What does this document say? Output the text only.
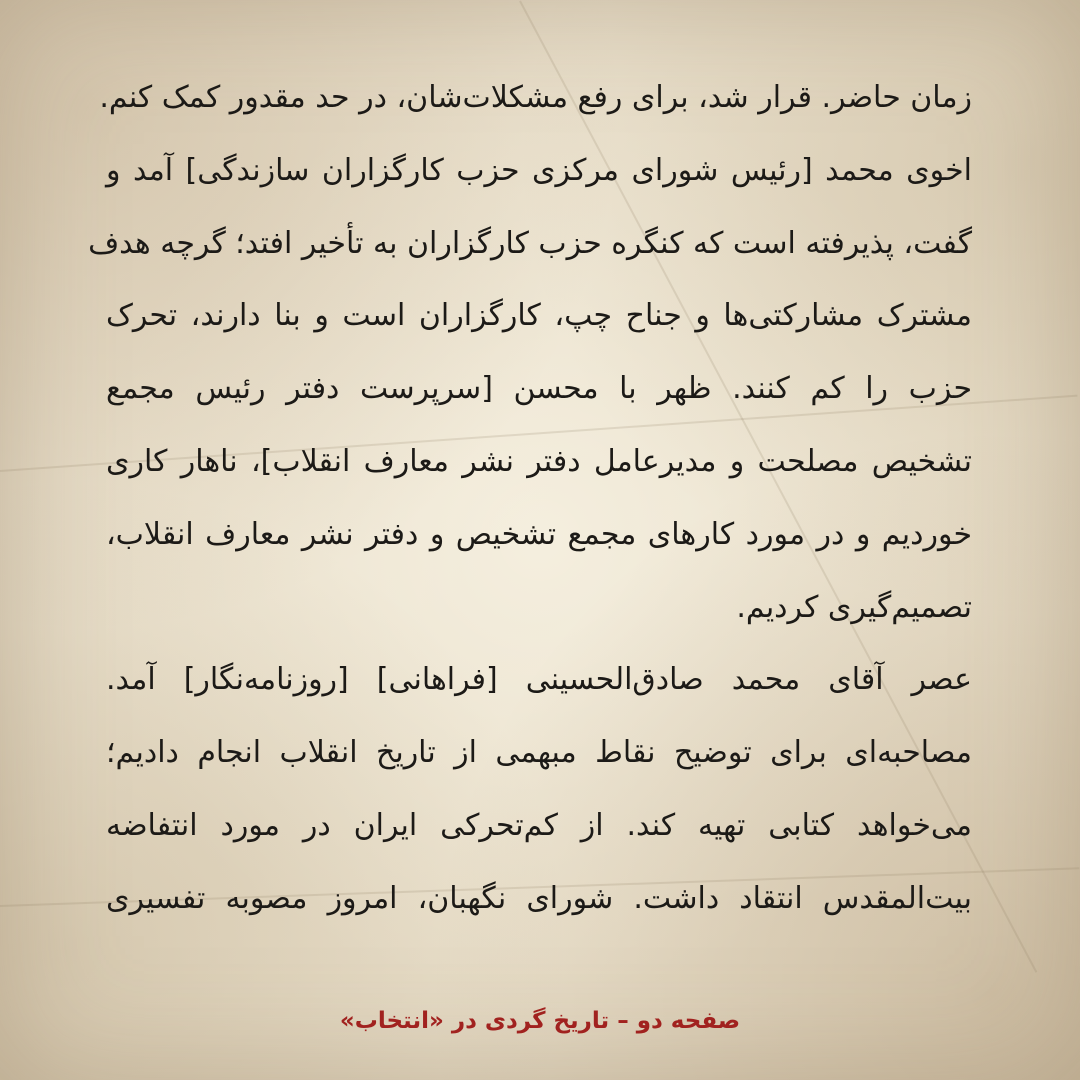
زمان حاضر. قرار شد، برای رفع مشکلات‌شان، در حد مقدور کمک کنم.
اخوی محمد [رئیس شورای مرکزی حزب کارگزاران سازندگی] آمد و
گفت، پذیرفته است که کنگره حزب کارگزاران به تأخیر افتد؛ گرچه هدف
مشترک مشارکتی‌ها و جناح چپ، کارگزاران است و بنا دارند، تحرک
حزب را کم کنند. ظهر با محسن [سرپرست دفتر رئیس مجمع
تشخیص مصلحت و مدیرعامل دفتر نشر معارف انقلاب]، ناهار کاری
خوردیم و در مورد کارهای مجمع تشخیص و دفتر نشر معارف انقلاب،
تصمیم‌گیری کردیم.
عصر آقای محمد صادق‌الحسینی [فراهانی] [روزنامه‌نگار] آمد.
مصاحبه‌ای برای توضیح نقاط مبهمی از تاریخ انقلاب انجام دادیم؛
می‌خواهد کتابی تهیه کند. از کم‌تحرکی ایران در مورد انتفاضه
بیت‌المقدس انتقاد داشت. شورای نگهبان، امروز مصوبه تفسیری
صفحه دو – تاریخ گردی در «انتخاب»
